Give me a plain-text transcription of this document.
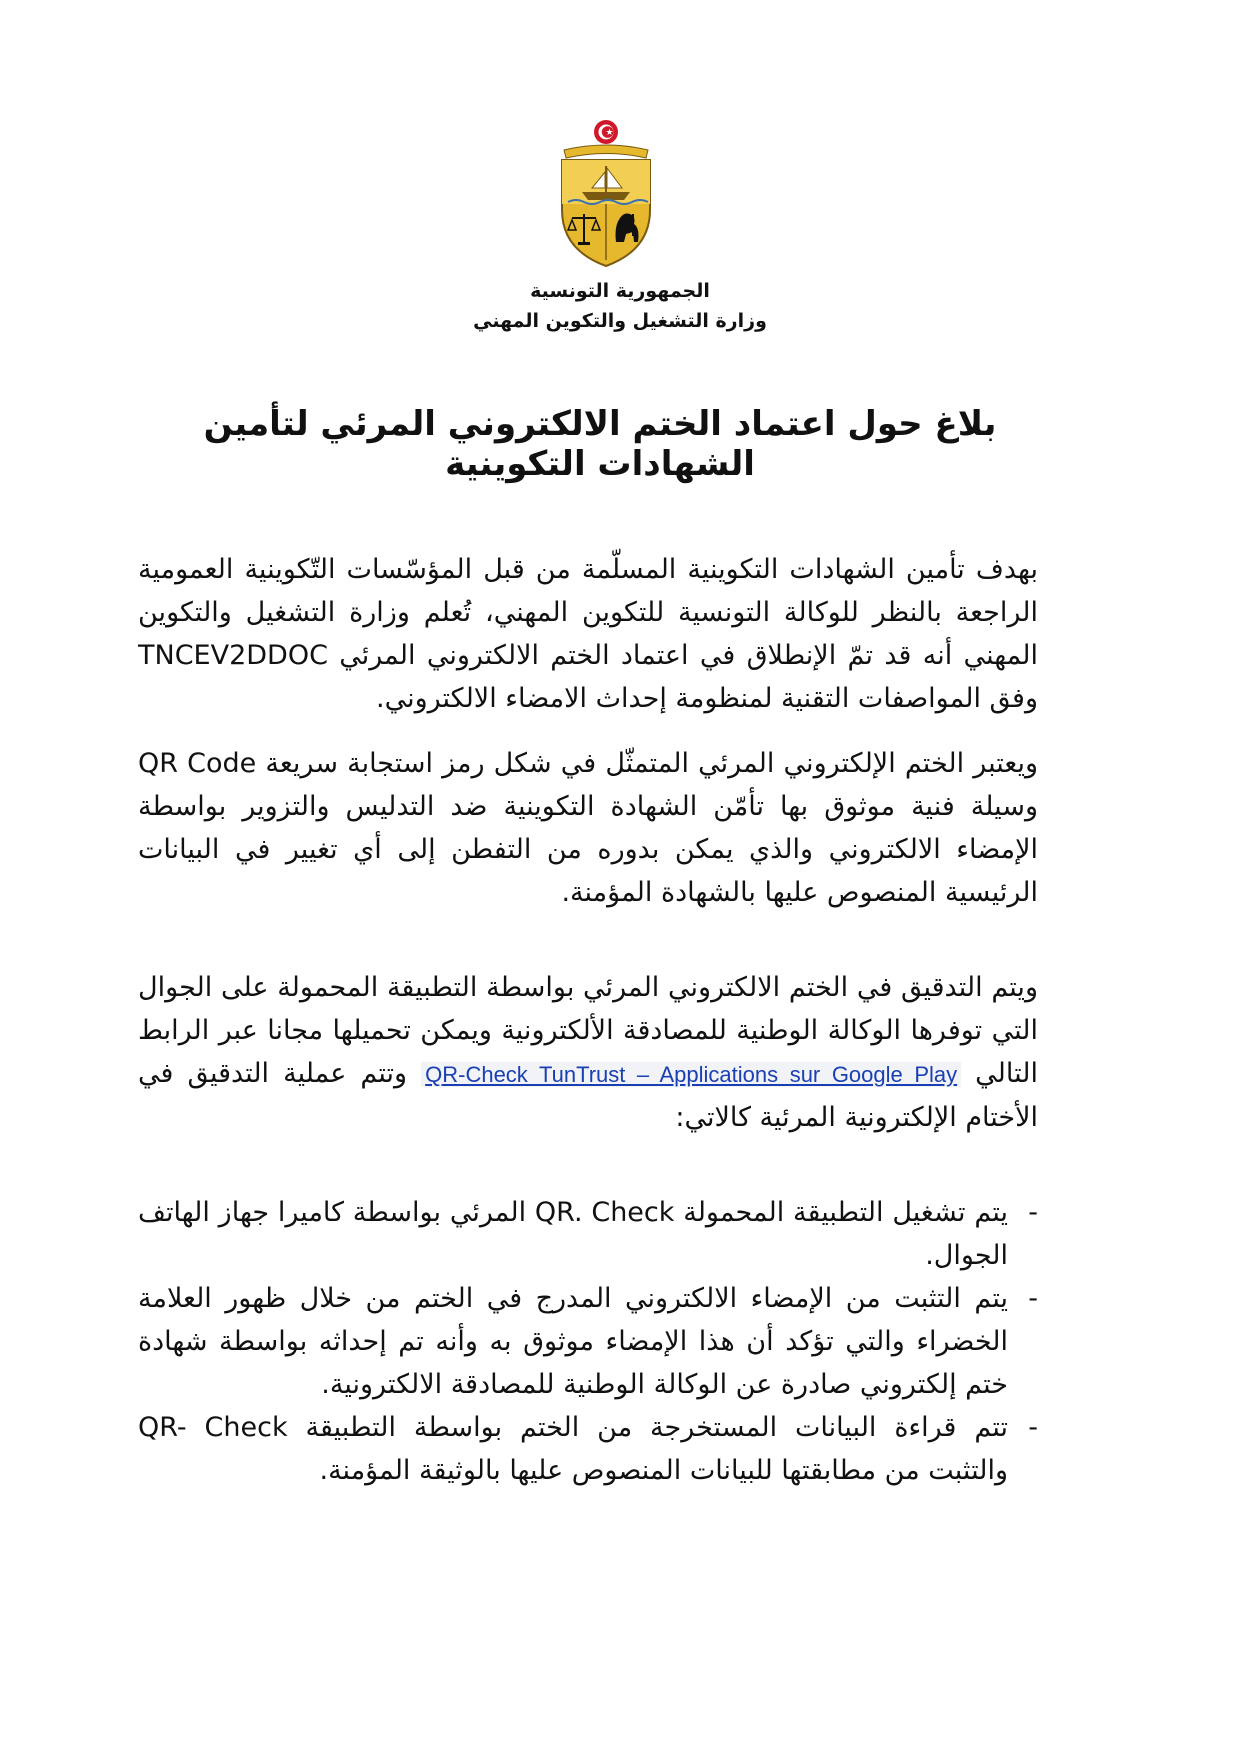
الجمهورية التونسية
وزارة التشغيل والتكوين المهني
بلاغ حول اعتماد الختم الالكتروني المرئي لتأمين الشهادات التكوينية

بهدف تأمين الشهادات التكوينية المسلّمة من قبل المؤسّسات التّكوينية العمومية الراجعة بالنظر للوكالة التونسية للتكوين المهني، تُعلم وزارة التشغيل والتكوين المهني أنه قد تمّ الإنطلاق في اعتماد الختم الالكتروني المرئي TNCEV2DDOC وفق المواصفات التقنية لمنظومة إحداث الامضاء الالكتروني.

ويعتبر الختم الإلكتروني المرئي المتمثّل في شكل رمز استجابة سريعة QR Code وسيلة فنية موثوق بها تأمّن الشهادة التكوينية ضد التدليس والتزوير بواسطة الإمضاء الالكتروني والذي يمكن بدوره من التفطن إلى أي تغيير في البيانات الرئيسية المنصوص عليها بالشهادة المؤمنة.

ويتم التدقيق في الختم الالكتروني المرئي بواسطة التطبيقة المحمولة على الجوال التي توفرها الوكالة الوطنية للمصادقة الألكترونية ويمكن تحميلها مجانا عبر الرابط التالي QR-Check TunTrust – Applications sur Google Play وتتم عملية التدقيق في الأختام الإلكترونية المرئية كالاتي:

-
يتم تشغيل التطبيقة المحمولة QR. Check المرئي بواسطة كاميرا جهاز الهاتف الجوال.
-
يتم التثبت من الإمضاء الالكتروني المدرج في الختم من خلال ظهور العلامة الخضراء والتي تؤكد أن هذا الإمضاء موثوق به وأنه تم إحداثه بواسطة شهادة ختم إلكتروني صادرة عن الوكالة الوطنية للمصادقة الالكترونية.
-
تتم قراءة البيانات المستخرجة من الختم بواسطة التطبيقة QR- Check والتثبت من مطابقتها للبيانات المنصوص عليها بالوثيقة المؤمنة.
